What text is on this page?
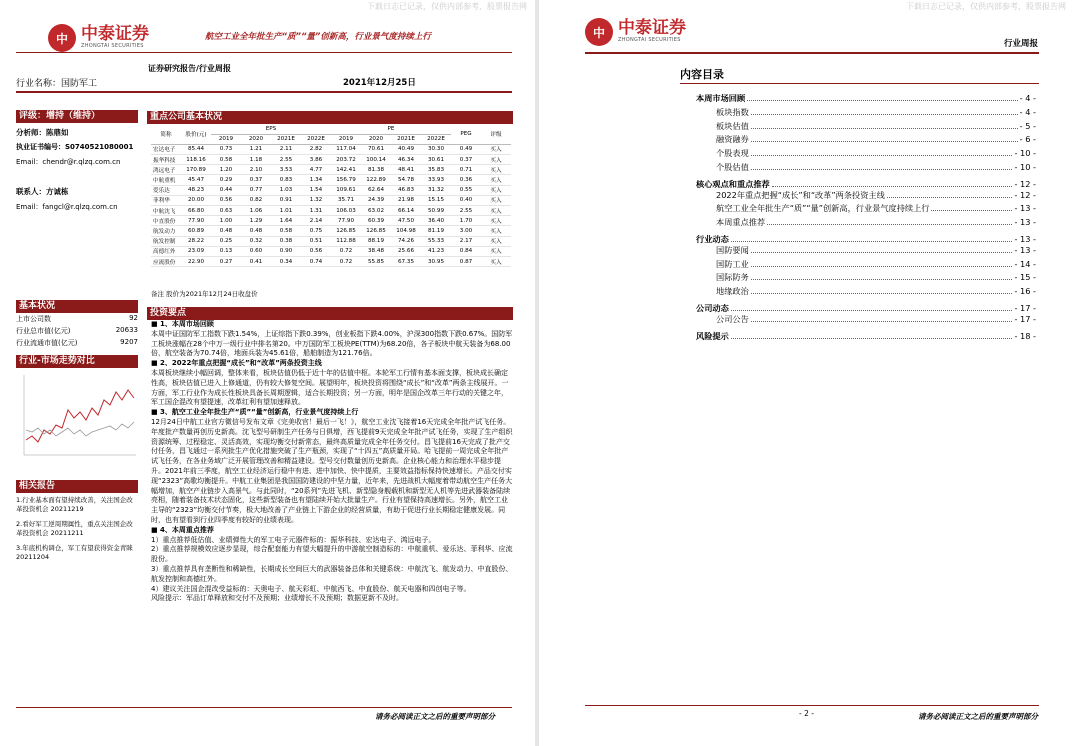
下载日志已记录，仅供内部参考，股票报告网
中 中泰证券
ZHONGTAI SECURITIES
航空工业全年批生产“质”“量”创新高，行业景气度持续上行
证券研究报告/行业周报
行业名称：国防军工	2021年12月25日
评级：增持（维持）
分析师：陈鼎如
执业证书编号：S0740521080001
Email：chendr@r.qlzq.com.cn
联系人：方诚栋
Email：fangcl@r.qlzq.com.cn
基本状况
上市公司数	92
行业总市值(亿元)	20633
行业流通市值(亿元)	9207
行业-市场走势对比
相关报告
1.行业基本面有望持续改善，关注国企改革投资机会 20211219
2.看好军工逆周期属性，重点关注国企改革投资机会 20211211
3.年底机构调仓，军工有望获得资金青睐 20211204
重点公司基本状况
简称	股价(元)	EPS				PE				PEG	评级
		2019	2020	2021E	2022E	2019	2020	2021E	2022E		
宏达电子	85.44	0.73	1.21	2.11	2.82	117.04	70.61	40.49	30.30	0.49	买入
振华科技	118.16	0.58	1.18	2.55	3.86	203.72	100.14	46.34	30.61	0.37	买入
鸿远电子	170.89	1.20	2.10	3.53	4.77	142.41	81.38	48.41	35.83	0.71	买入
中航重机	45.47	0.29	0.37	0.83	1.34	156.79	122.89	54.78	33.93	0.36	买入
爱乐达	48.23	0.44	0.77	1.03	1.54	109.61	62.64	46.83	31.32	0.55	买入
菲利华	20.00	0.56	0.82	0.91	1.32	35.71	24.39	21.98	15.15	0.40	买入
中航沈飞	66.80	0.63	1.06	1.01	1.31	106.03	63.02	66.14	50.99	2.55	买入
中直股份	77.90	1.00	1.29	1.64	2.14	77.90	60.39	47.50	36.40	1.70	买入
航发动力	60.89	0.48	0.48	0.58	0.75	126.85	126.85	104.98	81.19	3.00	买入
航发控制	28.22	0.25	0.32	0.38	0.51	112.88	88.19	74.26	55.33	2.17	买入
高德红外	23.09	0.13	0.60	0.90	0.56	0.72	38.48	25.66	41.23	0.84	买入
应流股份	22.90	0.27	0.41	0.34	0.74	0.72	55.85	67.35	30.95	0.87	买入
备注 股价为2021年12月24日收盘价
投资要点

■ 1、本周市场回顾

本周中证国防军工指数下跌1.54%，上证综指下跌0.39%，创业板指下跌4.00%，沪深300指数下跌0.67%。国防军工板块涨幅在28个中万一级行业中排名第20。中万国防军工板块PE(TTM)为68.20倍，各子板块中航天装备为68.00倍，航空装备为70.74倍，地面兵装为45.61倍，船舶制造为121.76倍。

■ 2、2022年重点把握“成长”和“改革”两条投资主线

本周板块继续小幅回调，整体来看，板块估值仍低于近十年的估值中枢。本轮军工行情有基本面支撑，板块成长确定性高，板块估值已进入上修通道，仍有较大修复空间。展望明年，板块投资将围绕“成长”和“改革”两条主线展开。一方面，军工行业作为成长性板块具备长周期逻辑，适合长期投资；另一方面，明年是国企改革三年行动的关键之年，军工国企混改有望提速，改革红利有望加速释放。

■ 3、航空工业全年批生产“质”“量”创新高，行业景气度持续上行

12月24日中航工业官方微信号发布文章《完美收官！最后一飞！》，航空工业沈飞接着16天完成全年批产试飞任务。年度批产数量再创历史新高。沈飞型号研制生产任务与日俱增，西飞提前9天完成全年批产试飞任务，实现了生产组织资源统筹、过程稳定、灵活高效，实现均衡交付新常态，最终高质量完成全年任务交付。昌飞提前16天完成了批产交付任务，昌飞通过一系列批生产优化措施突破了生产瓶颈，实现了“十四五”高质量开局。哈飞提前一周完成全年批产试飞任务，在各业务域广泛开展管理改善和精益建设。型号交付数量创历史新高。企业核心能力和治理水平稳步提升。2021年前三季度，航空工业经济运行稳中有进、进中加快、快中提质，主要效益指标保持快速增长。产品交付实现“2323”高歌均衡提升。中航工业集团是我国国防建设的中坚力量，近年来，先进战机大幅度着带动航空生产任务大幅增加，航空产业链步入高景气。与此同时，“20系列”先进飞机、新型隐身舰载机和新型无人机等先进武器装备陆续亮相，随着装备技术状态固化，这些新型装备也有望陆续开始大批量生产。行业有望保持高速增长。另外，航空工业主导的“2323”均衡交付节奏，极大地改善了产业链上下游企业的经营质量，有助于促进行业长期稳定健康发展。同时，也有望看到行业四季度有较好的业绩表现。

■ 4、本周重点推荐

1）重点推荐低估值、业绩弹性大的军工电子元器件标的：振华科技、宏达电子、鸿远电子。

2）重点推荐规模效应逐步显现，综合配套能力有望大幅提升的中游航空制造标的：中航重机、爱乐达、菲利华、应流股份。

3）重点推荐具有垄断性和稀缺性，长期成长空间巨大的武器装备总体和关键系统：中航沈飞、航发动力、中直股份、航发控制和高德红外。

4）建议关注国企混改受益标的：天奥电子、航天彩虹、中航西飞、中直股份、航天电器和四创电子等。

风险提示：军品订单释放和交付不及预期；业绩增长不及预期；数据更新不及时。

请务必阅读正文之后的重要声明部分
下载日志已记录，仅供内部参考，股票报告网
中 中泰证券
ZHONGTAI SECURITIES	行业周报
内容目录
本周市场回顾	- 4 -
板块指数	- 4 -
板块估值	- 5 -
融资融券	- 6 -
个股表现	- 10 -
个股估值	- 10 -
核心观点和重点推荐	- 12 -
2022年重点把握“成长”和“改革”两条投资主线	- 12 -
航空工业全年批生产“质”“量”创新高，行业景气度持续上行	- 13 -
本周重点推荐	- 13 -
行业动态	- 13 -
国防要闻	- 13 -
国防工业	- 14 -
国际防务	- 15 -
地缘政治	- 16 -
公司动态	- 17 -
公司公告	- 17 -
风险提示	- 18 -
- 2 -	请务必阅读正文之后的重要声明部分
